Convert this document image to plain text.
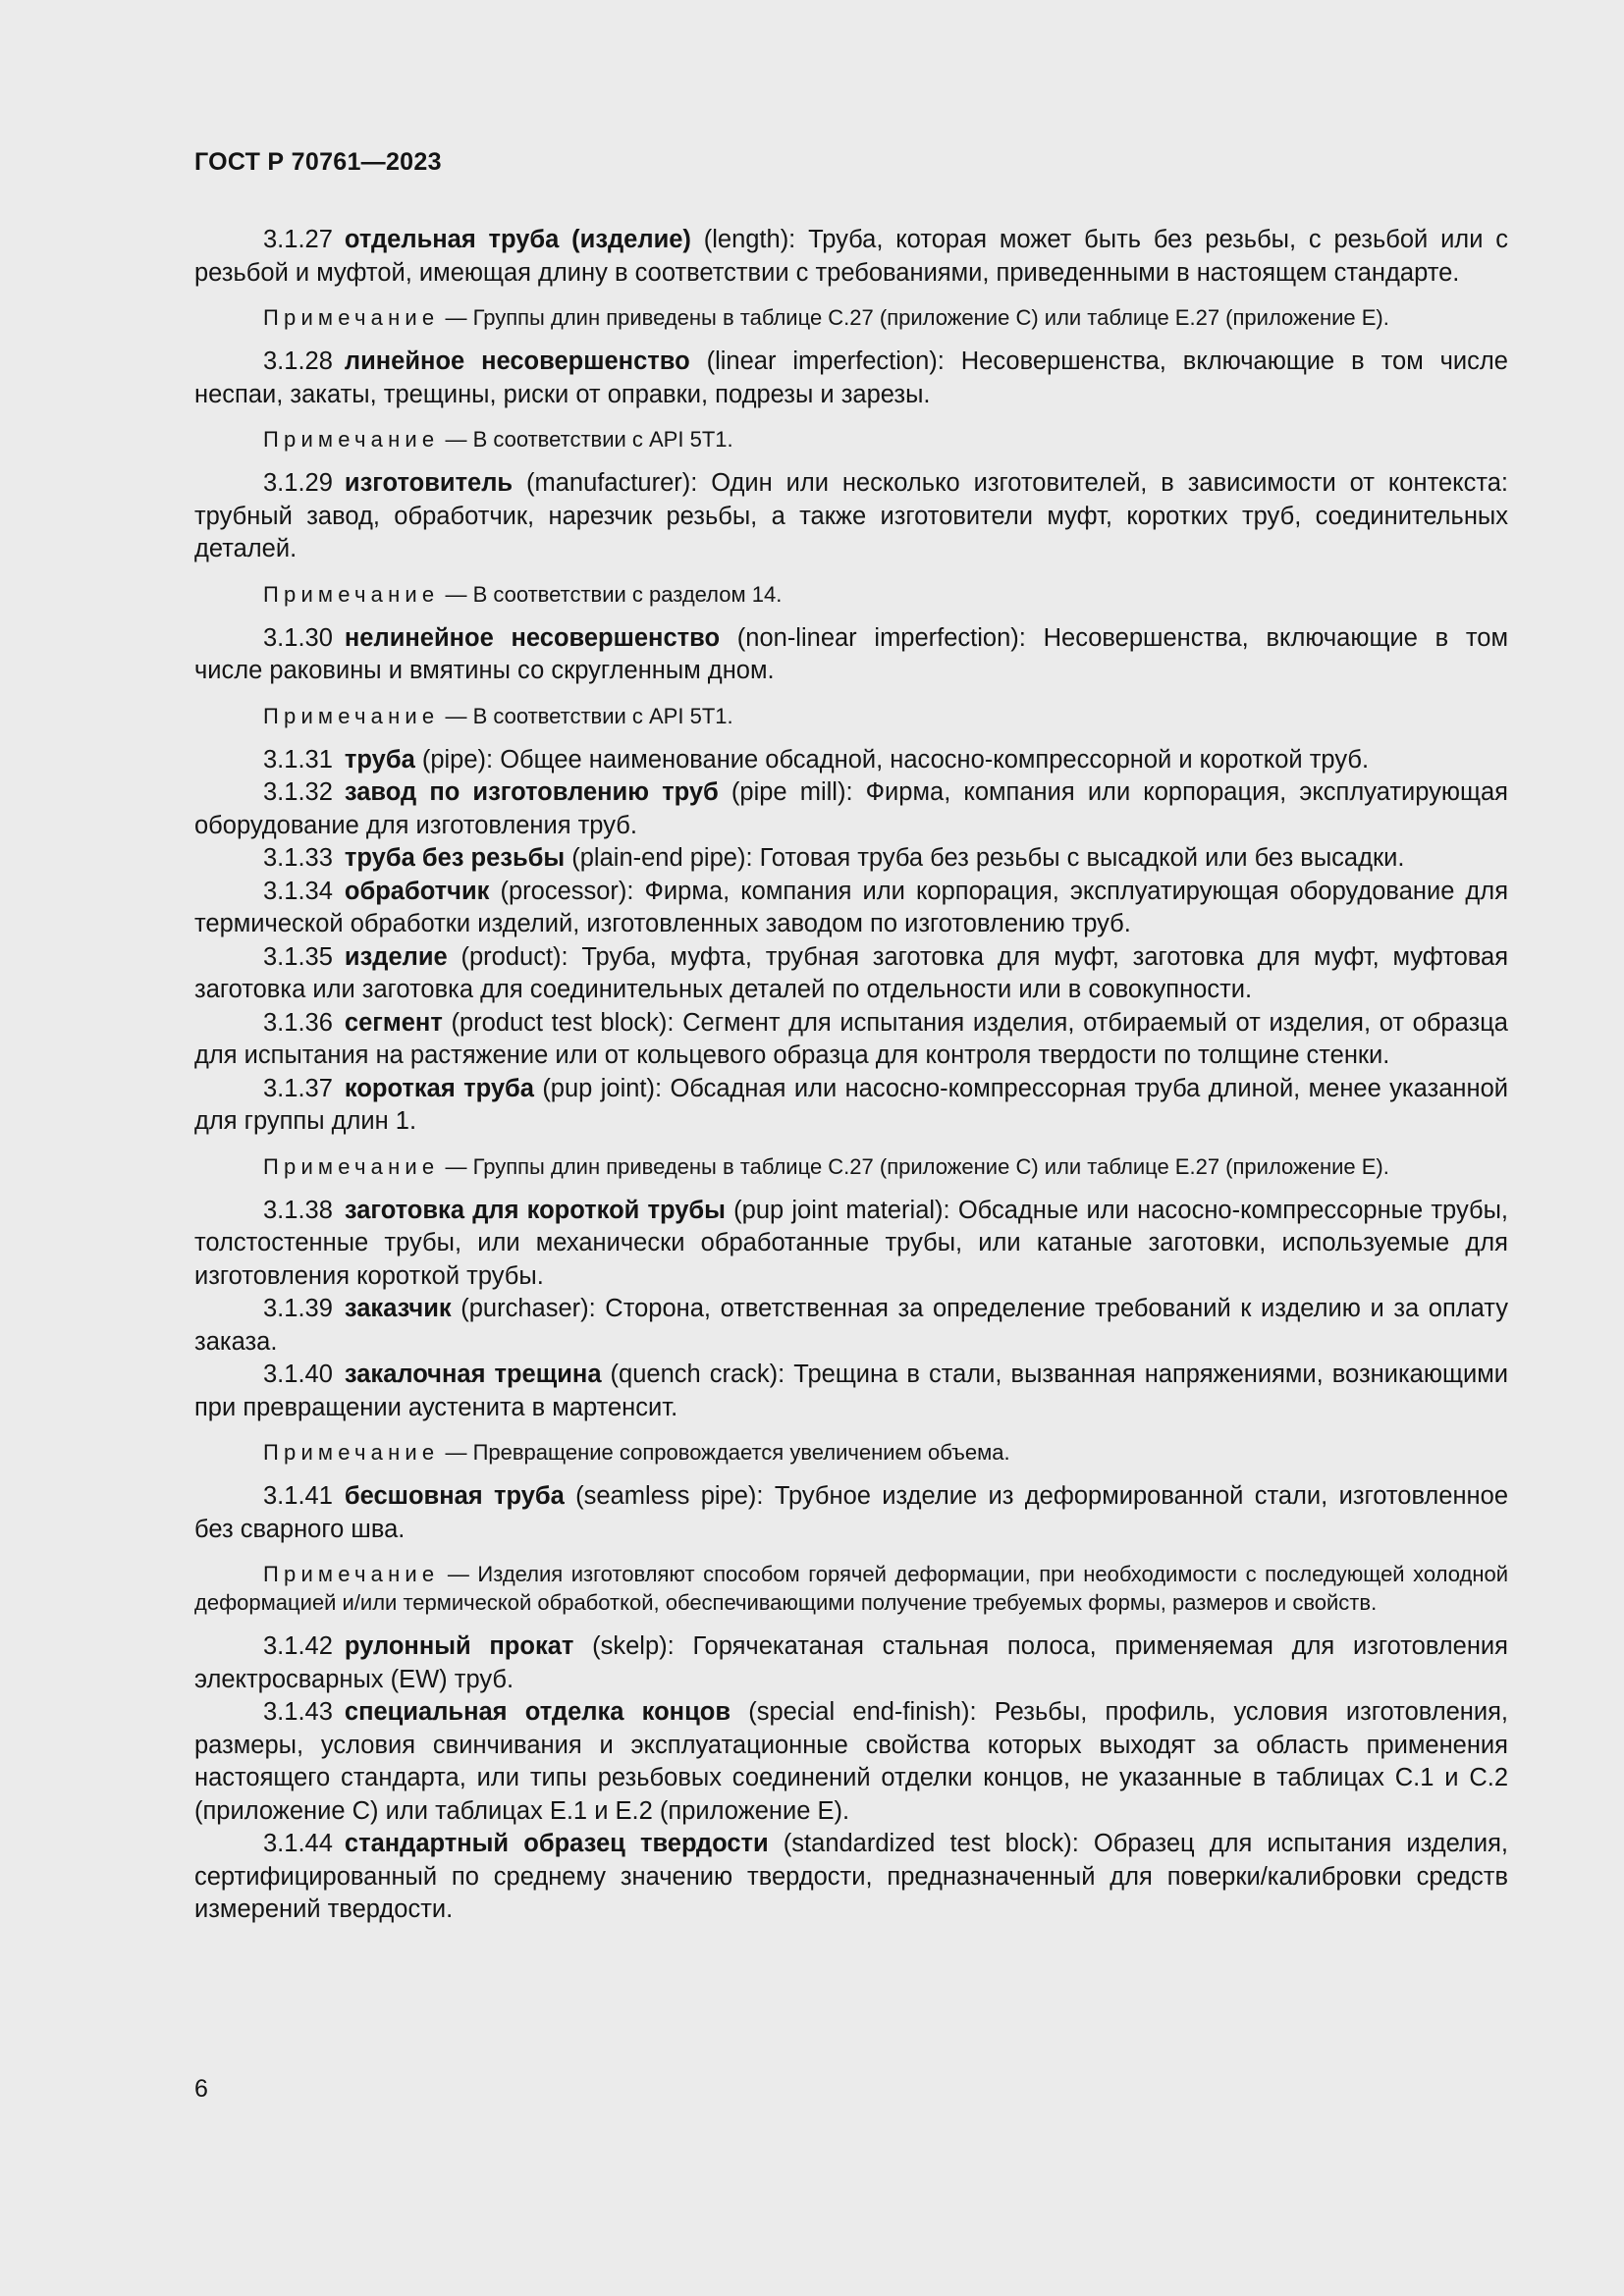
ГОСТ Р 70761—2023

3.1.27 отдельная труба (изделие) (length): Труба, которая может быть без резьбы, с резьбой или с резьбой и муфтой, имеющая длину в соответствии с требованиями, приведенными в настоящем стандарте.

Примечание — Группы длин приведены в таблице С.27 (приложение С) или таблице Е.27 (приложение Е).

3.1.28 линейное несовершенство (linear imperfection): Несовершенства, включающие в том числе неспаи, закаты, трещины, риски от оправки, подрезы и зарезы.

Примечание — В соответствии с API 5T1.

3.1.29 изготовитель (manufacturer): Один или несколько изготовителей, в зависимости от контекста: трубный завод, обработчик, нарезчик резьбы, а также изготовители муфт, коротких труб, соединительных деталей.

Примечание — В соответствии с разделом 14.

3.1.30 нелинейное несовершенство (non-linear imperfection): Несовершенства, включающие в том числе раковины и вмятины со скругленным дном.

Примечание — В соответствии с API 5T1.

3.1.31 труба (pipe): Общее наименование обсадной, насосно-компрессорной и короткой труб.

3.1.32 завод по изготовлению труб (pipe mill): Фирма, компания или корпорация, эксплуатирующая оборудование для изготовления труб.

3.1.33 труба без резьбы (plain-end pipe): Готовая труба без резьбы с высадкой или без высадки.

3.1.34 обработчик (processor): Фирма, компания или корпорация, эксплуатирующая оборудование для термической обработки изделий, изготовленных заводом по изготовлению труб.

3.1.35 изделие (product): Труба, муфта, трубная заготовка для муфт, заготовка для муфт, муфтовая заготовка или заготовка для соединительных деталей по отдельности или в совокупности.

3.1.36 сегмент (product test block): Сегмент для испытания изделия, отбираемый от изделия, от образца для испытания на растяжение или от кольцевого образца для контроля твердости по толщине стенки.

3.1.37 короткая труба (pup joint): Обсадная или насосно-компрессорная труба длиной, менее указанной для группы длин 1.

Примечание — Группы длин приведены в таблице С.27 (приложение С) или таблице Е.27 (приложение Е).

3.1.38 заготовка для короткой трубы (pup joint material): Обсадные или насосно-компрессорные трубы, толстостенные трубы, или механически обработанные трубы, или катаные заготовки, используемые для изготовления короткой трубы.

3.1.39 заказчик (purchaser): Сторона, ответственная за определение требований к изделию и за оплату заказа.

3.1.40 закалочная трещина (quench crack): Трещина в стали, вызванная напряжениями, возникающими при превращении аустенита в мартенсит.

Примечание — Превращение сопровождается увеличением объема.

3.1.41 бесшовная труба (seamless pipe): Трубное изделие из деформированной стали, изготовленное без сварного шва.

Примечание — Изделия изготовляют способом горячей деформации, при необходимости с последующей холодной деформацией и/или термической обработкой, обеспечивающими получение требуемых формы, размеров и свойств.

3.1.42 рулонный прокат (skelp): Горячекатаная стальная полоса, применяемая для изготовления электросварных (EW) труб.

3.1.43 специальная отделка концов (special end-finish): Резьбы, профиль, условия изготовления, размеры, условия свинчивания и эксплуатационные свойства которых выходят за область применения настоящего стандарта, или типы резьбовых соединений отделки концов, не указанные в таблицах С.1 и С.2 (приложение С) или таблицах Е.1 и Е.2 (приложение Е).

3.1.44 стандартный образец твердости (standardized test block): Образец для испытания изделия, сертифицированный по среднему значению твердости, предназначенный для поверки/калибровки средств измерений твердости.

6
